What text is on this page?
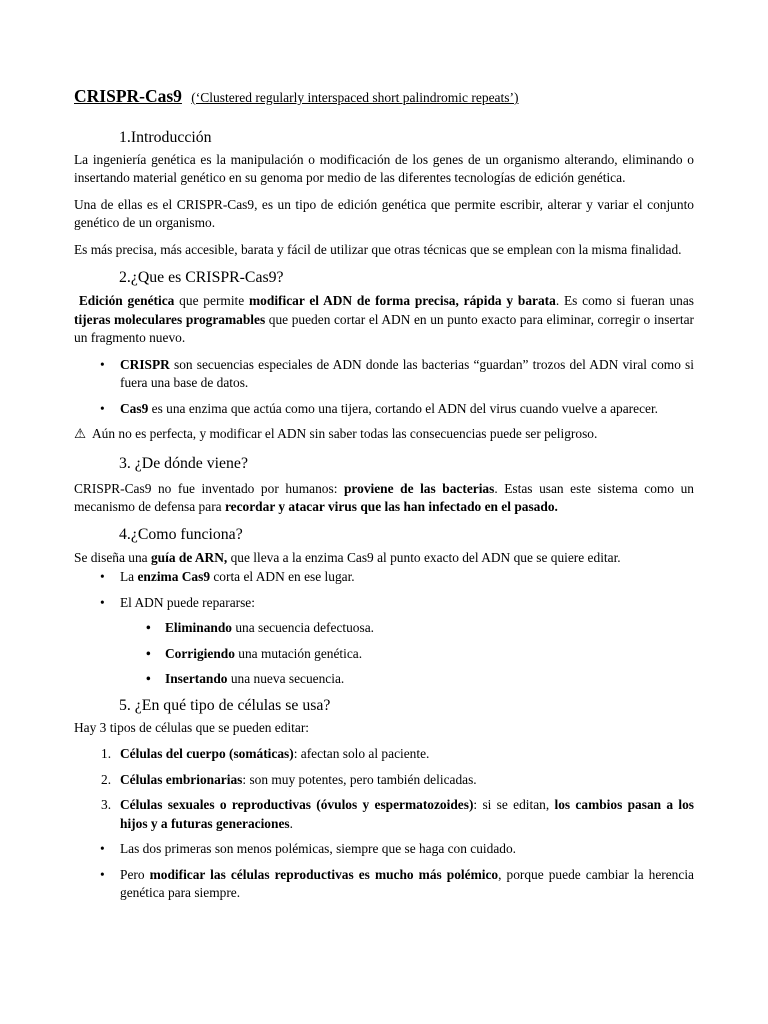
CRISPR-Cas9 (‘Clustered regularly interspaced short palindromic repeats’)
1.Introducción

La ingeniería genética es la manipulación o modificación de los genes de un organismo alterando, eliminando o insertando material genético en su genoma por medio de las diferentes tecnologías de edición genética.

Una de ellas es el CRISPR-Cas9, es un tipo de edición genética que permite escribir, alterar y variar el conjunto genético de un organismo.

Es más precisa, más accesible, barata y fácil de utilizar que otras técnicas que se emplean con la misma finalidad.

2.¿Que es CRISPR-Cas9?

Edición genética que permite modificar el ADN de forma precisa, rápida y barata. Es como si fueran unas tijeras moleculares programables que pueden cortar el ADN en un punto exacto para eliminar, corregir o insertar un fragmento nuevo.

• CRISPR son secuencias especiales de ADN donde las bacterias “guardan” trozos del ADN viral como si fuera una base de datos.
• Cas9 es una enzima que actúa como una tijera, cortando el ADN del virus cuando vuelve a aparecer.

⚠ Aún no es perfecta, y modificar el ADN sin saber todas las consecuencias puede ser peligroso.

3. ¿De dónde viene?

CRISPR-Cas9 no fue inventado por humanos: proviene de las bacterias. Estas usan este sistema como un mecanismo de defensa para recordar y atacar virus que las han infectado en el pasado.

4.¿Como funciona?

Se diseña una guía de ARN, que lleva a la enzima Cas9 al punto exacto del ADN que se quiere editar.

• La enzima Cas9 corta el ADN en ese lugar.
• El ADN puede repararse:
• Eliminando una secuencia defectuosa.
• Corrigiendo una mutación genética.
• Insertando una nueva secuencia.
5. ¿En qué tipo de células se usa?

Hay 3 tipos de células que se pueden editar:

1. Células del cuerpo (somáticas): afectan solo al paciente.
2. Células embrionarias: son muy potentes, pero también delicadas.
3. Células sexuales o reproductivas (óvulos y espermatozoides): si se editan, los cambios pasan a los hijos y a futuras generaciones.
• Las dos primeras son menos polémicas, siempre que se haga con cuidado.
• Pero modificar las células reproductivas es mucho más polémico, porque puede cambiar la herencia genética para siempre.
